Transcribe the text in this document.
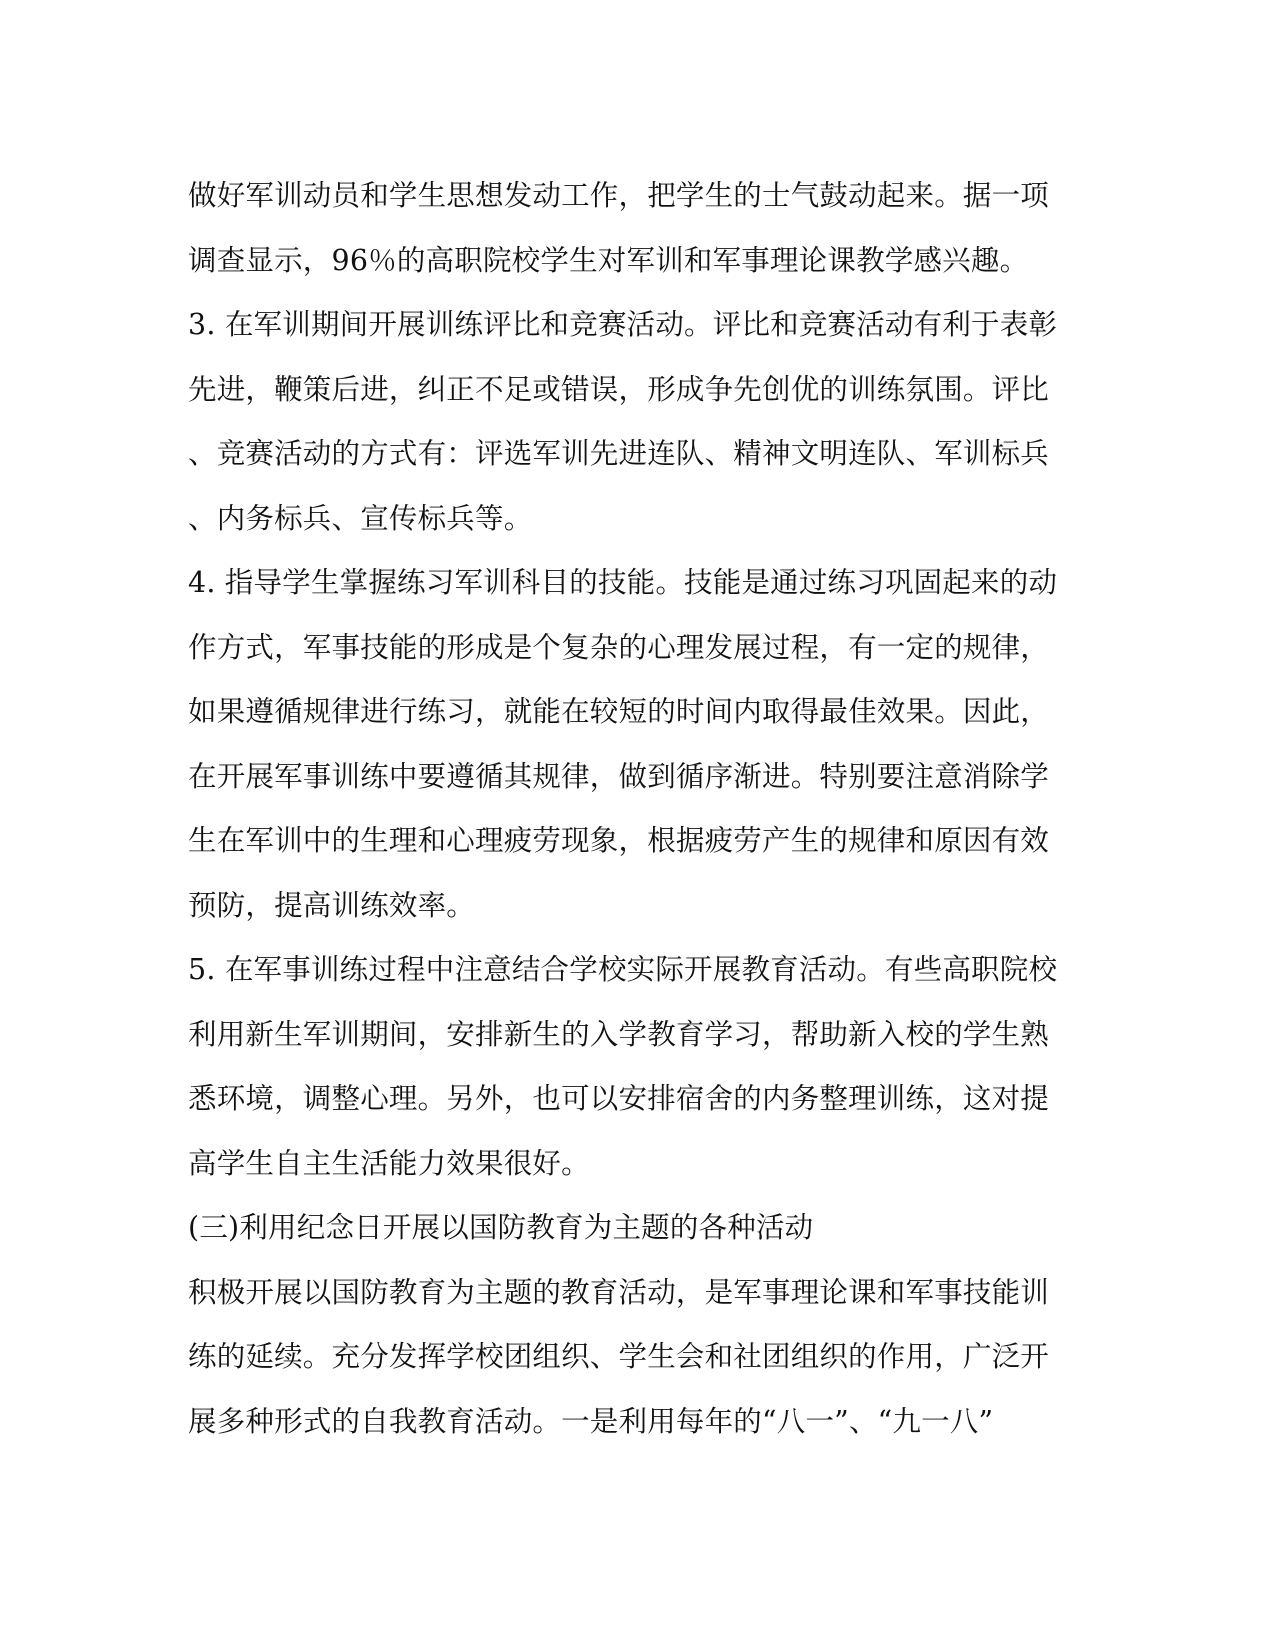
做好军训动员和学生思想发动工作，把学生的士气鼓动起来。据一项
调查显示，96％的高职院校学生对军训和军事理论课教学感兴趣。
3. 在军训期间开展训练评比和竞赛活动。评比和竞赛活动有利于表彰
先进，鞭策后进，纠正不足或错误，形成争先创优的训练氛围。评比
、竞赛活动的方式有：评选军训先进连队、精神文明连队、军训标兵
、内务标兵、宣传标兵等。
4. 指导学生掌握练习军训科目的技能。技能是通过练习巩固起来的动
作方式，军事技能的形成是个复杂的心理发展过程，有一定的规律，
如果遵循规律进行练习，就能在较短的时间内取得最佳效果。因此，
在开展军事训练中要遵循其规律，做到循序渐进。特别要注意消除学
生在军训中的生理和心理疲劳现象，根据疲劳产生的规律和原因有效
预防，提高训练效率。
5. 在军事训练过程中注意结合学校实际开展教育活动。有些高职院校
利用新生军训期间，安排新生的入学教育学习，帮助新入校的学生熟
悉环境，调整心理。另外，也可以安排宿舍的内务整理训练，这对提
高学生自主生活能力效果很好。
(三)利用纪念日开展以国防教育为主题的各种活动
积极开展以国防教育为主题的教育活动，是军事理论课和军事技能训
练的延续。充分发挥学校团组织、学生会和社团组织的作用，广泛开
展多种形式的自我教育活动。一是利用每年的“八一”、“九一八”
